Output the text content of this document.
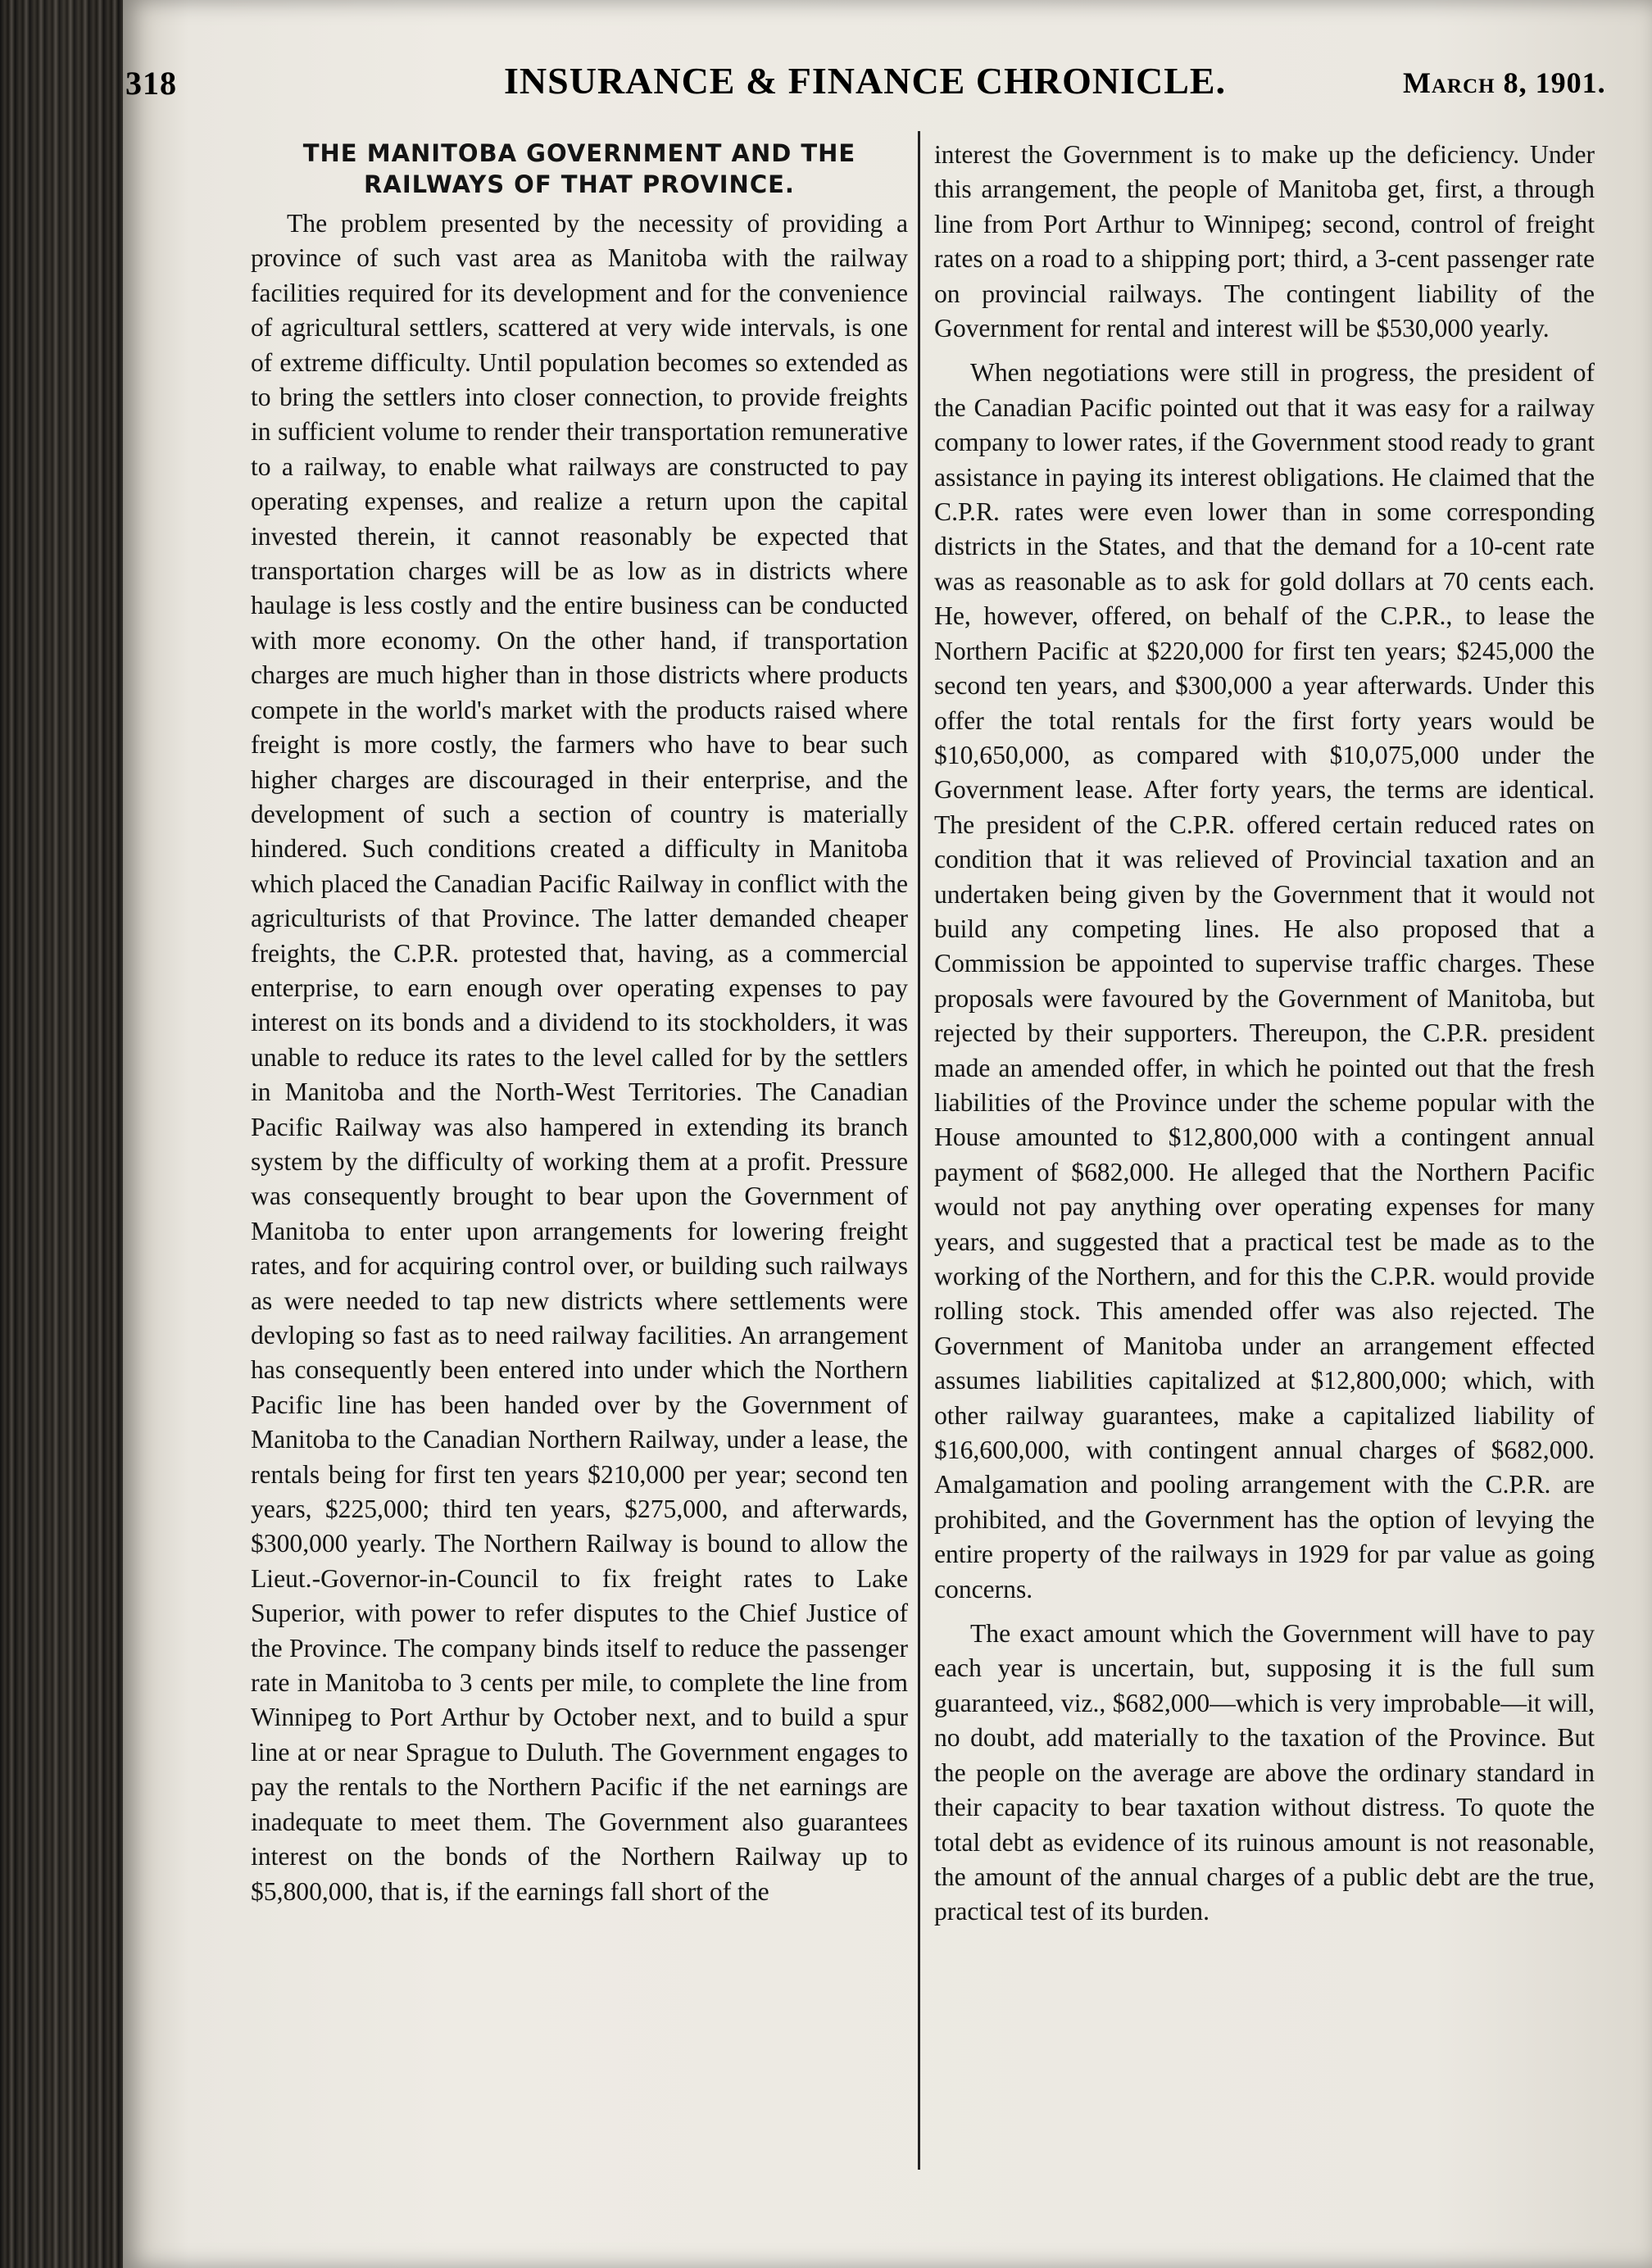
318	INSURANCE & FINANCE CHRONICLE.	March 8, 1901.
THE MANITOBA GOVERNMENT AND THE RAILWAYS OF THAT PROVINCE.

The problem presented by the necessity of providing a province of such vast area as Manitoba with the railway facilities required for its development and for the convenience of agricultural settlers, scattered at very wide intervals, is one of extreme difficulty. Until population becomes so extended as to bring the settlers into closer connection, to provide freights in sufficient volume to render their transportation remunerative to a railway, to enable what railways are constructed to pay operating expenses, and realize a return upon the capital invested therein, it cannot reasonably be expected that transportation charges will be as low as in districts where haulage is less costly and the entire business can be conducted with more economy. On the other hand, if transportation charges are much higher than in those districts where products compete in the world's market with the products raised where freight is more costly, the farmers who have to bear such higher charges are discouraged in their enterprise, and the development of such a section of country is materially hindered. Such conditions created a difficulty in Manitoba which placed the Canadian Pacific Railway in conflict with the agriculturists of that Province. The latter demanded cheaper freights, the C.P.R. protested that, having, as a commercial enterprise, to earn enough over operating expenses to pay interest on its bonds and a dividend to its stockholders, it was unable to reduce its rates to the level called for by the settlers in Manitoba and the North-West Territories. The Canadian Pacific Railway was also hampered in extending its branch system by the difficulty of working them at a profit. Pressure was consequently brought to bear upon the Government of Manitoba to enter upon arrangements for lowering freight rates, and for acquiring control over, or building such railways as were needed to tap new districts where settlements were devloping so fast as to need railway facilities. An arrangement has consequently been entered into under which the Northern Pacific line has been handed over by the Government of Manitoba to the Canadian Northern Railway, under a lease, the rentals being for first ten years $210,000 per year; second ten years, $225,000; third ten years, $275,000, and afterwards, $300,000 yearly. The Northern Railway is bound to allow the Lieut.-Governor-in-Council to fix freight rates to Lake Superior, with power to refer disputes to the Chief Justice of the Province. The company binds itself to reduce the passenger rate in Manitoba to 3 cents per mile, to complete the line from Winnipeg to Port Arthur by October next, and to build a spur line at or near Sprague to Duluth. The Government engages to pay the rentals to the Northern Pacific if the net earnings are inadequate to meet them. The Government also guarantees interest on the bonds of the Northern Railway up to $5,800,000, that is, if the earnings fall short of the

interest the Government is to make up the deficiency. Under this arrangement, the people of Manitoba get, first, a through line from Port Arthur to Winnipeg; second, control of freight rates on a road to a shipping port; third, a 3-cent passenger rate on provincial railways. The contingent liability of the Government for rental and interest will be $530,000 yearly.

When negotiations were still in progress, the president of the Canadian Pacific pointed out that it was easy for a railway company to lower rates, if the Government stood ready to grant assistance in paying its interest obligations. He claimed that the C.P.R. rates were even lower than in some corresponding districts in the States, and that the demand for a 10-cent rate was as reasonable as to ask for gold dollars at 70 cents each. He, however, offered, on behalf of the C.P.R., to lease the Northern Pacific at $220,000 for first ten years; $245,000 the second ten years, and $300,000 a year afterwards. Under this offer the total rentals for the first forty years would be $10,650,000, as compared with $10,075,000 under the Government lease. After forty years, the terms are identical. The president of the C.P.R. offered certain reduced rates on condition that it was relieved of Provincial taxation and an undertaken being given by the Government that it would not build any competing lines. He also proposed that a Commission be appointed to supervise traffic charges. These proposals were favoured by the Government of Manitoba, but rejected by their supporters. Thereupon, the C.P.R. president made an amended offer, in which he pointed out that the fresh liabilities of the Province under the scheme popular with the House amounted to $12,800,000 with a contingent annual payment of $682,000. He alleged that the Northern Pacific would not pay anything over operating expenses for many years, and suggested that a practical test be made as to the working of the Northern, and for this the C.P.R. would provide rolling stock. This amended offer was also rejected. The Government of Manitoba under an arrangement effected assumes liabilities capitalized at $12,800,000; which, with other railway guarantees, make a capitalized liability of $16,600,000, with contingent annual charges of $682,000. Amalgamation and pooling arrangement with the C.P.R. are prohibited, and the Government has the option of levying the entire property of the railways in 1929 for par value as going concerns.

The exact amount which the Government will have to pay each year is uncertain, but, supposing it is the full sum guaranteed, viz., $682,000—which is very improbable—it will, no doubt, add materially to the taxation of the Province. But the people on the average are above the ordinary standard in their capacity to bear taxation without distress. To quote the total debt as evidence of its ruinous amount is not reasonable, the amount of the annual charges of a public debt are the true, practical test of its burden.
